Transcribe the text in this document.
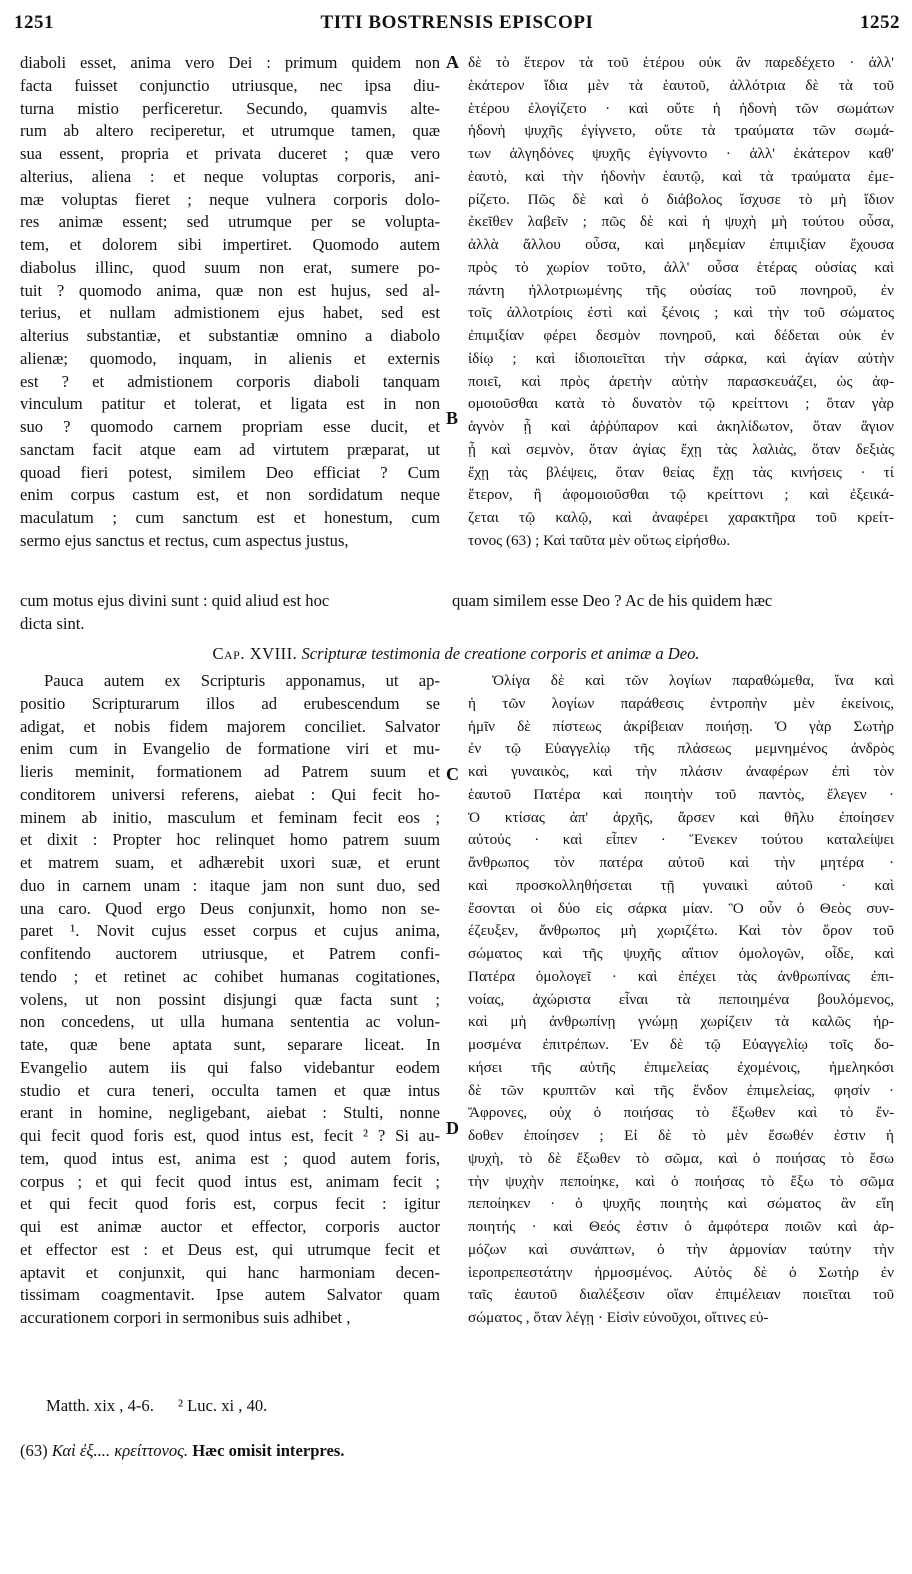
1251	TITI BOSTRENSIS EPISCOPI	1252
diaboli esset, anima vero Dei : primum quidem non
facta fuisset conjunctio utriusque, nec ipsa diu-
turna mistio perficeretur. Secundo, quamvis alte-
rum ab altero reciperetur, et utrumque tamen, quæ
sua essent, propria et privata duceret ; quæ vero
alterius, aliena : et neque voluptas corporis, ani-
mæ voluptas fieret ; neque vulnera corporis dolo-
res animæ essent; sed utrumque per se volupta-
tem, et dolorem sibi impertiret. Quomodo autem
diabolus illinc, quod suum non erat, sumere po-
tuit ? quomodo anima, quæ non est hujus, sed al-
terius, et nullam admistionem ejus habet, sed est
alterius substantiæ, et substantiæ omnino a diabolo
alienæ; quomodo, inquam, in alienis et externis
est ? et admistionem corporis diaboli tanquam
vinculum patitur et tolerat, et ligata est in non
suo ? quomodo carnem propriam esse ducit, et
sanctam facit atque eam ad virtutem præparat, ut
quoad fieri potest, similem Deo efficiat ? Cum
enim corpus castum est, et non sordidatum neque
maculatum ; cum sanctum est et honestum, cum
sermo ejus sanctus et rectus, cum aspectus justus,
δὲ τὸ ἕτερον τὰ τοῦ ἑτέρου οὐκ ἂν παρεδέχετο · ἀλλ'
ἑκάτερον ἴδια μὲν τὰ ἑαυτοῦ, ἀλλότρια δὲ τὰ τοῦ
ἑτέρου ἐλογίζετο · καὶ οὔτε ἡ ἡδονὴ τῶν σωμάτων
ἡδονὴ ψυχῆς ἐγίγνετο, οὔτε τὰ τραύματα τῶν σωμά-
των ἀλγηδόνες ψυχῆς ἐγίγνοντο · ἀλλ' ἑκάτερον καθ'
ἑαυτὸ, καὶ τὴν ἡδονὴν ἑαυτῷ, καὶ τὰ τραύματα ἐμε-
ρίζετο. Πῶς δὲ καὶ ὁ διάβολος ἴσχυσε τὸ μὴ ἴδιον
ἐκεῖθεν λαβεῖν ; πῶς δὲ καὶ ἡ ψυχὴ μὴ τούτου οὖσα,
ἀλλὰ ἄλλου οὖσα, καὶ μηδεμίαν ἐπιμιξίαν ἔχουσα
πρὸς τὸ χωρίον τοῦτο, ἀλλ' οὖσα ἑτέρας οὐσίας καὶ
πάντη ἠλλοτριωμένης τῆς οὐσίας τοῦ πονηροῦ, ἐν
τοῖς ἀλλοτρίοις ἐστὶ καὶ ξένοις ; καὶ τὴν τοῦ σώματος
ἐπιμιξίαν φέρει δεσμὸν πονηροῦ, καὶ δέδεται οὐκ ἐν
ἰδίῳ ; καὶ ἰδιοποιεῖται τὴν σάρκα, καὶ ἁγίαν αὐτὴν
ποιεῖ, καὶ πρὸς ἀρετὴν αὐτὴν παρασκευάζει, ὡς ἀφ-
ομοιοῦσθαι κατὰ τὸ δυνατὸν τῷ κρείττονι ; ὅταν γὰρ
ἁγνὸν ᾖ καὶ ἀῤῥύπαρον καὶ ἀκηλίδωτον, ὅταν ἅγιον
ᾖ καὶ σεμνὸν, ὅταν ἁγίας ἔχῃ τὰς λαλιὰς, ὅταν δεξιὰς
ἔχῃ τὰς βλέψεις, ὅταν θείας ἔχῃ τὰς κινήσεις · τί
ἕτερον, ἢ ἀφομοιοῦσθαι τῷ κρείττονι ; καὶ ἐξεικά-
ζεται τῷ καλῷ, καὶ ἀναφέρει χαρακτῆρα τοῦ κρείτ-
τονος (63) ; Καὶ ταῦτα μὲν οὕτως εἰρήσθω.
A
B
cum motus ejus divini sunt : quid aliud est hoc	quam similem esse Deo ? Ac de his quidem hæc
dicta sint.
Cap. XVIII. Scripturæ testimonia de creatione corporis et animæ a Deo.
Pauca autem ex Scripturis apponamus, ut ap-
positio Scripturarum illos ad erubescendum se
adigat, et nobis fidem majorem conciliet. Salvator
enim cum in Evangelio de formatione viri et mu-
lieris meminit, formationem ad Patrem suum et
conditorem universi referens, aiebat : Qui fecit ho-
minem ab initio, masculum et feminam fecit eos ;
et dixit : Propter hoc relinquet homo patrem suum
et matrem suam, et adhærebit uxori suæ, et erunt
duo in carnem unam : itaque jam non sunt duo, sed
una caro. Quod ergo Deus conjunxit, homo non se-
paret ¹. Novit cujus esset corpus et cujus anima,
confitendo auctorem utriusque, et Patrem confi-
tendo ; et retinet ac cohibet humanas cogitationes,
volens, ut non possint disjungi quæ facta sunt ;
non concedens, ut ulla humana sententia ac volun-
tate, quæ bene aptata sunt, separare liceat. In
Evangelio autem iis qui falso videbantur eodem
studio et cura teneri, occulta tamen et quæ intus
erant in homine, negligebant, aiebat : Stulti, nonne
qui fecit quod foris est, quod intus est, fecit ² ? Si au-
tem, quod intus est, anima est ; quod autem foris,
corpus ; et qui fecit quod intus est, animam fecit ;
et qui fecit quod foris est, corpus fecit : igitur
qui est animæ auctor et effector, corporis auctor
et effector est : et Deus est, qui utrumque fecit et
aptavit et conjunxit, qui hanc harmoniam decen-
tissimam coagmentavit. Ipse autem Salvator quam
accurationem corpori in sermonibus suis adhibet ,
Ὀλίγα δὲ καὶ τῶν λογίων παραθώμεθα, ἵνα καὶ
ἡ τῶν λογίων παράθεσις ἐντροπὴν μὲν ἐκείνοις,
ἡμῖν δὲ πίστεως ἀκρίβειαν ποιήσῃ. Ὁ γὰρ Σωτὴρ
ἐν τῷ Εὐαγγελίῳ τῆς πλάσεως μεμνημένος ἀνδρὸς
καὶ γυναικὸς, καὶ τὴν πλάσιν ἀναφέρων ἐπὶ τὸν
ἑαυτοῦ Πατέρα καὶ ποιητὴν τοῦ παντὸς, ἔλεγεν ·
Ὁ κτίσας ἀπ' ἀρχῆς, ἄρσεν καὶ θῆλυ ἐποίησεν
αὐτούς · καὶ εἶπεν · Ἕνεκεν τούτου καταλείψει
ἄνθρωπος τὸν πατέρα αὐτοῦ καὶ τὴν μητέρα ·
καὶ προσκολληθήσεται τῇ γυναικὶ αὐτοῦ · καὶ
ἔσονται οἱ δύο εἰς σάρκα μίαν. Ὃ οὖν ὁ Θεὸς συν-
έζευξεν, ἄνθρωπος μὴ χωριζέτω. Καὶ τὸν ὅρον τοῦ
σώματος καὶ τῆς ψυχῆς αἴτιον ὁμολογῶν, οἶδε, καὶ
Πατέρα ὁμολογεῖ · καὶ ἐπέχει τὰς ἀνθρωπίνας ἐπι-
νοίας, ἀχώριστα εἶναι τὰ πεποιημένα βουλόμενος,
καὶ μὴ ἀνθρωπίνῃ γνώμῃ χωρίζειν τὰ καλῶς ἡρ-
μοσμένα ἐπιτρέπων. Ἐν δὲ τῷ Εὐαγγελίῳ τοῖς δο-
κήσει τῆς αὐτῆς ἐπιμελείας ἐχομένοις, ἠμεληκόσι
δὲ τῶν κρυπτῶν καὶ τῆς ἔνδον ἐπιμελείας, φησίν ·
Ἄφρονες, οὐχ ὁ ποιήσας τὸ ἔξωθεν καὶ τὸ ἔν-
δοθεν ἐποίησεν ; Εἰ δὲ τὸ μὲν ἔσωθέν ἐστιν ἡ
ψυχὴ, τὸ δὲ ἔξωθεν τὸ σῶμα, καὶ ὁ ποιήσας τὸ ἔσω
τὴν ψυχὴν πεποίηκε, καὶ ὁ ποιήσας τὸ ἔξω τὸ σῶμα
πεποίηκεν · ὁ ψυχῆς ποιητὴς καὶ σώματος ἂν εἴη
ποιητής · καὶ Θεός ἐστιν ὁ ἀμφότερα ποιῶν καὶ ἁρ-
μόζων καὶ συνάπτων, ὁ τὴν ἁρμονίαν ταύτην τὴν
ἱεροπρεπεστάτην ἡρμοσμένος. Αὐτὸς δὲ ὁ Σωτὴρ ἐν
ταῖς ἑαυτοῦ διαλέξεσιν οἵαν ἐπιμέλειαν ποιεῖται τοῦ
σώματος , ὅταν λέγῃ · Εἰσὶν εὐνοῦχοι, οἵτινες εὐ-
C
D
Matth. xix , 4-6. ² Luc. xi , 40.
(63) Καὶ ἐξ.... κρείττονος. Hæc omisit interpres.
